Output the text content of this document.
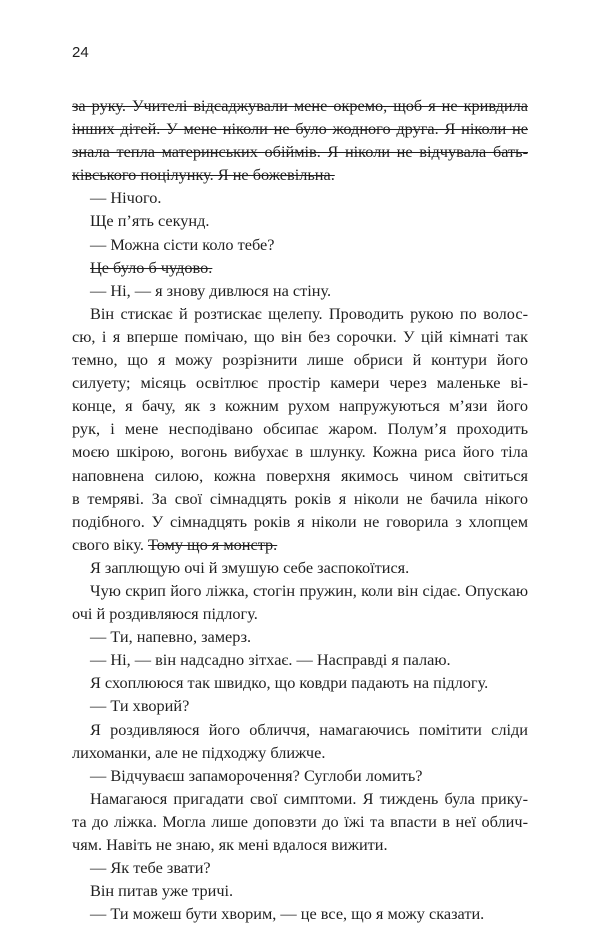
24
за руку. Учителі відсаджували мене окремо, щоб я не кривдила
інших дітей. У мене ніколи не було жодного друга. Я ніколи не
знала тепла материнських обіймів. Я ніколи не відчувала бать-
ківського поцілунку. Я не божевільна.
— Нічого.
Ще п’ять секунд.
— Можна сісти коло тебе?
Це було б чудово.
— Ні, — я знову дивлюся на стіну.
Він стискає й розтискає щелепу. Проводить рукою по волос-
сю, і я вперше помічаю, що він без сорочки. У цій кімнаті так
темно, що я можу розрізнити лише обриси й контури його
силуету; місяць освітлює простір камери через маленьке ві-
конце, я бачу, як з кожним рухом напружуються м’язи його
рук, і мене несподівано обсипає жаром. Полум’я проходить
моєю шкірою, вогонь вибухає в шлунку. Кожна риса його тіла
наповнена силою, кожна поверхня якимось чином світиться
в темряві. За свої сімнадцять років я ніколи не бачила нікого
подібного. У сімнадцять років я ніколи не говорила з хлопцем
свого віку. Тому що я монстр.
Я заплющую очі й змушую себе заспокоїтися.
Чую скрип його ліжка, стогін пружин, коли він сідає. Опускаю
очі й роздивляюся підлогу.
— Ти, напевно, замерз.
— Ні, — він надсадно зітхає. — Насправді я палаю.
Я схоплююся так швидко, що ковдри падають на підлогу.
— Ти хворий?
Я роздивляюся його обличчя, намагаючись помітити сліди
лихоманки, але не підходжу ближче.
— Відчуваєш запаморочення? Суглоби ломить?
Намагаюся пригадати свої симптоми. Я тиждень була прику-
та до ліжка. Могла лише доповзти до їжі та впасти в неї облич-
чям. Навіть не знаю, як мені вдалося вижити.
— Як тебе звати?
Він питав уже тричі.
— Ти можеш бути хворим, — це все, що я можу сказати.
